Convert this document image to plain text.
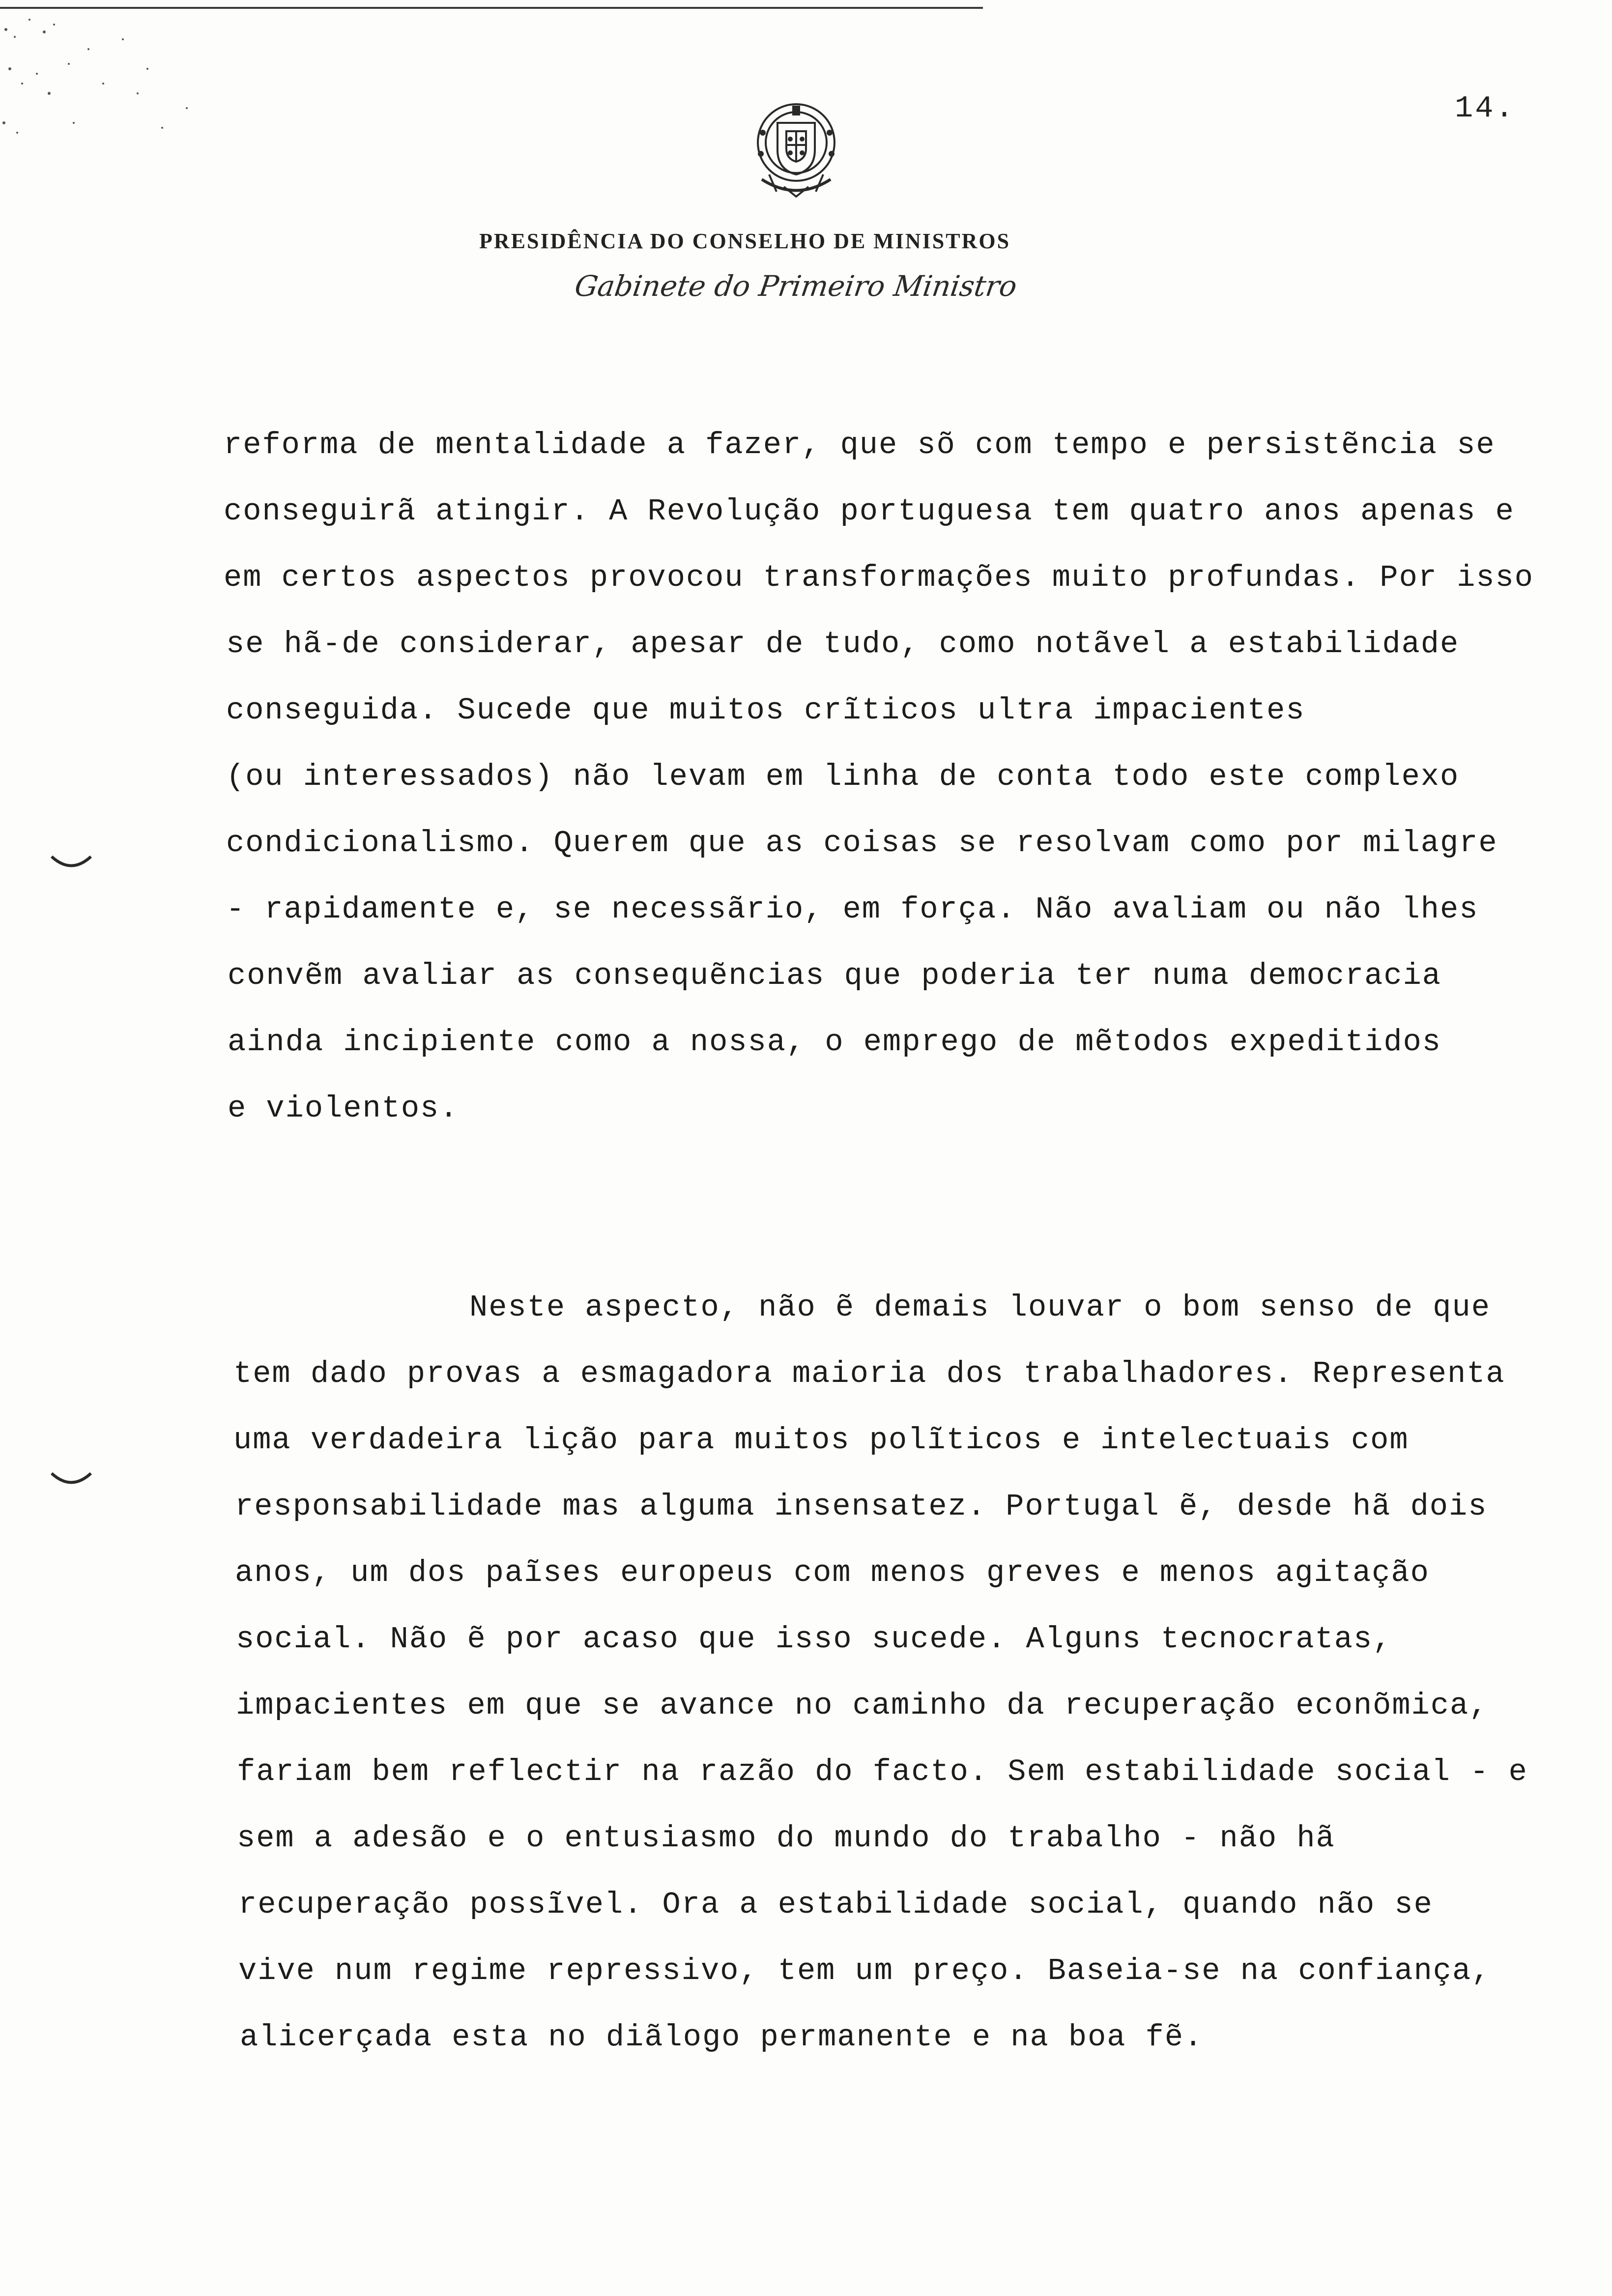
14.
PRESIDÊNCIA DO CONSELHO DE MINISTROS
Gabinete do Primeiro Ministro
reforma de mentalidade a fazer, que sõ com tempo e persistẽncia se
conseguirã atingir. A Revolução portuguesa tem quatro anos apenas e
em certos aspectos provocou transformações muito profundas. Por isso
se hã-de considerar, apesar de tudo, como notãvel a estabilidade
conseguida. Sucede que muitos crĩticos ultra impacientes
(ou interessados) não levam em linha de conta todo este complexo
condicionalismo. Querem que as coisas se resolvam como por milagre
- rapidamente e, se necessãrio, em força. Não avaliam ou não lhes
convẽm avaliar as consequẽncias que poderia ter numa democracia
ainda incipiente como a nossa, o emprego de mẽtodos expeditidos
e violentos.
Neste aspecto, não ẽ demais louvar o bom senso de que
tem dado provas a esmagadora maioria dos trabalhadores. Representa
uma verdadeira lição para muitos polĩticos e intelectuais com
responsabilidade mas alguma insensatez. Portugal ẽ, desde hã dois
anos, um dos paĩses europeus com menos greves e menos agitação
social. Não ẽ por acaso que isso sucede. Alguns tecnocratas,
impacientes em que se avance no caminho da recuperação econõmica,
fariam bem reflectir na razão do facto. Sem estabilidade social - e
sem a adesão e o entusiasmo do mundo do trabalho - não hã
recuperação possĩvel. Ora a estabilidade social, quando não se
vive num regime repressivo, tem um preço. Baseia-se na confiança,
alicerçada esta no diãlogo permanente e na boa fẽ.
